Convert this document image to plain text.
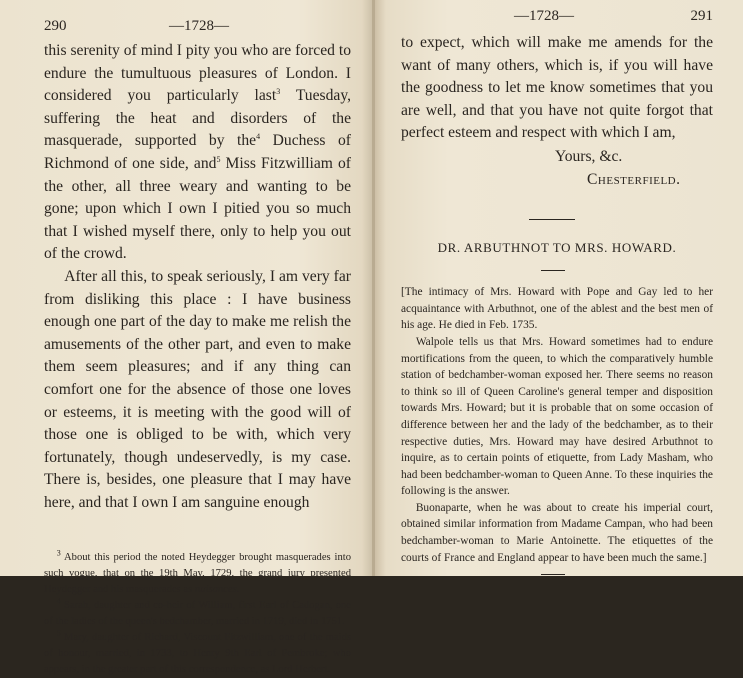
290	—1728—

this serenity of mind I pity you who are forced to endure the tumultuous pleasures of London. I considered you particularly last$^3$ Tuesday, suffering the heat and disorders of the masquerade, supported by the$^4$ Duchess of Richmond of one side, and$^5$ Miss Fitzwilliam of the other, all three weary and wanting to be gone; upon which I own I pitied you so much that I wished myself there, only to help you out of the crowd.

After all this, to speak seriously, I am very far from disliking this place : I have business enough one part of the day to make me relish the amusements of the other part, and even to make them seem pleasures; and if any thing can comfort one for the absence of those one loves or esteems, it is meeting with the good will of those one is obliged to be with, which very fortunately, though undeservedly, is my case. There is, besides, one pleasure that I may have here, and that I own I am sanguine enough

$^3$ About this period the noted Heydegger brought masquerades into such vogue, that on the 19th May, 1729, the grand jury presented Heydegger and his masquerades as nuisances.

$^4$ Sarah, daughter and co-heir of William, first Earl of Cadogan, one of the ladies of the queen's bedchamber, married in 1719, died in 1751.

$^5$ Mary, daughter of Richard, Viscount Fitzwilliam, one of the maids of honour, married, in 1733, to Henry 9th Earl of Pembroke; who appears, in the greater part of this correspondence, as Lord Herbert.

—1728—	291

to expect, which will make me amends for the want of many others, which is, if you will have the goodness to let me know sometimes that you are well, and that you have not quite forgot that perfect esteem and respect with which I am,

Yours, &c.
Chesterfield.
DR. ARBUTHNOT TO MRS. HOWARD.

[The intimacy of Mrs. Howard with Pope and Gay led to her acquaintance with Arbuthnot, one of the ablest and the best men of his age. He died in Feb. 1735.

Walpole tells us that Mrs. Howard sometimes had to endure mortifications from the queen, to which the comparatively humble station of bedchamber-woman exposed her. There seems no reason to think so ill of Queen Caroline's general temper and disposition towards Mrs. Howard; but it is probable that on some occasion of difference between her and the lady of the bedchamber, as to their respective duties, Mrs. Howard may have desired Arbuthnot to inquire, as to certain points of etiquette, from Lady Masham, who had been bedchamber-woman to Queen Anne. To these inquiries the following is the answer.

Buonaparte, when he was about to create his imperial court, obtained similar information from Madame Campan, who had been bedchamber-woman to Marie Antoinette. The etiquettes of the courts of France and England appear to have been much the same.]
